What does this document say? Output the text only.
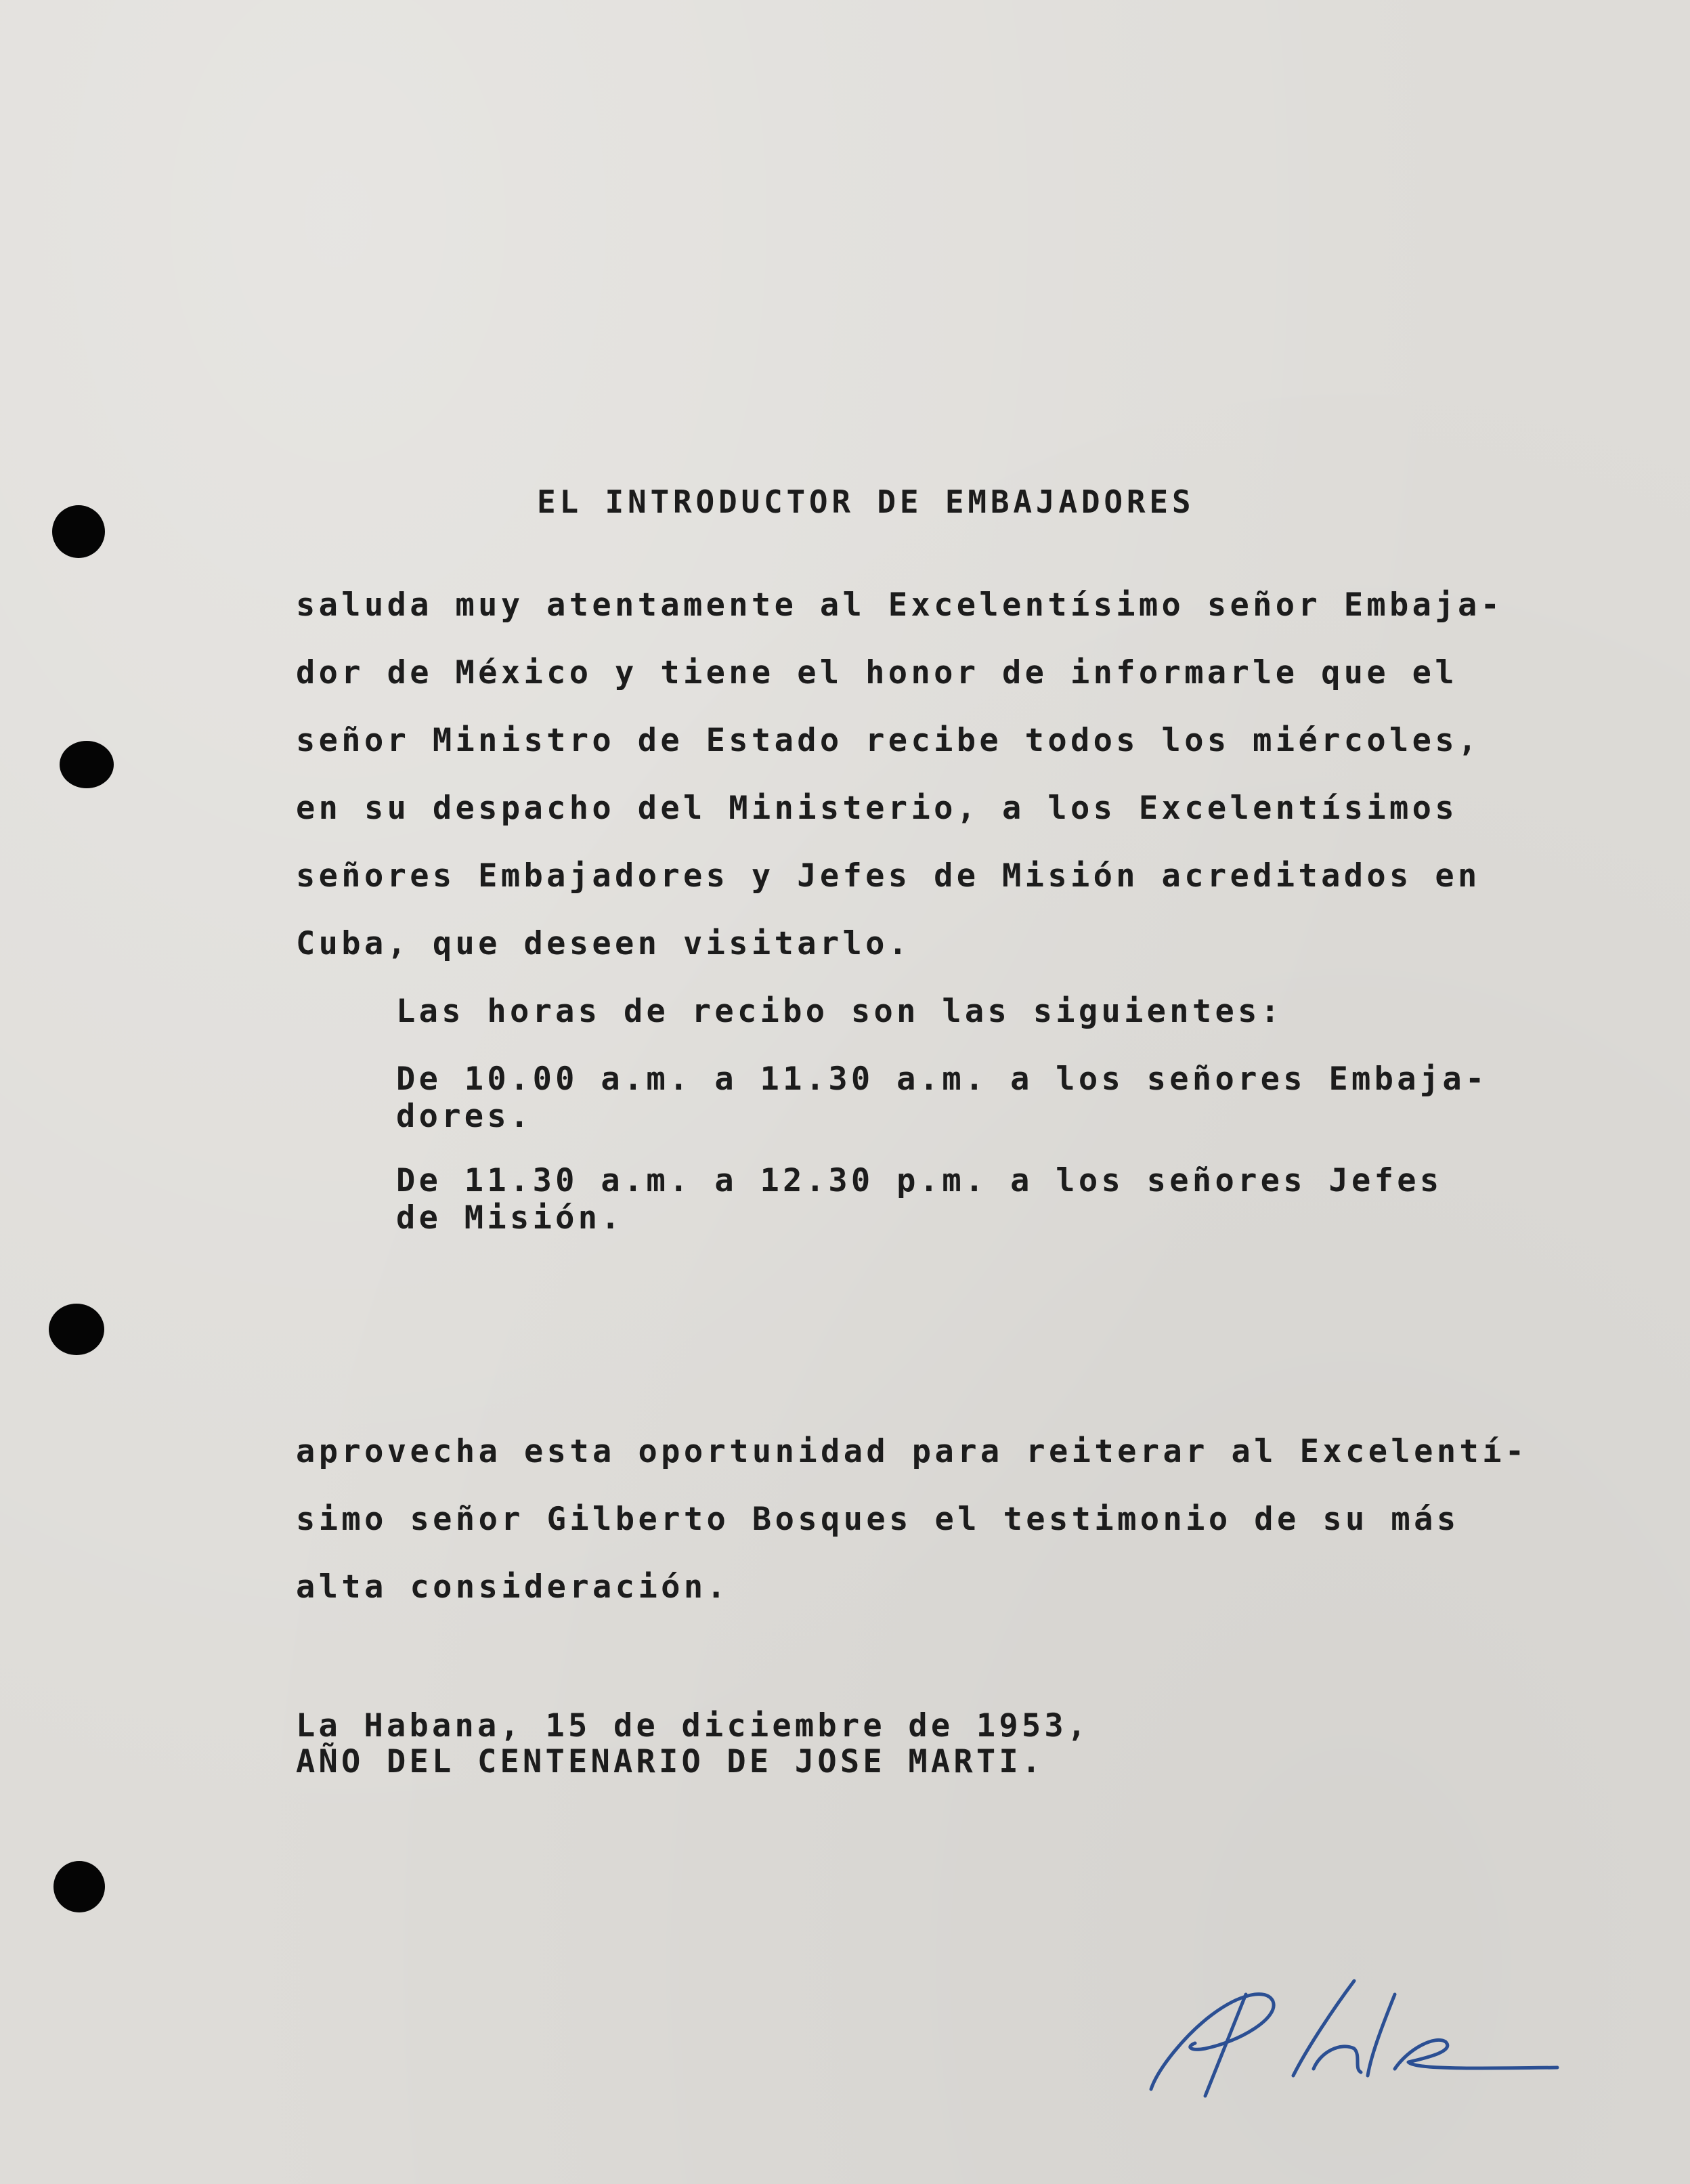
EL INTRODUCTOR DE EMBAJADORES
saluda muy atentamente al Excelentísimo señor Embaja-
dor de México y tiene el honor de informarle que el
señor Ministro de Estado recibe todos los miércoles,
en su despacho del Ministerio, a los Excelentísimos
señores Embajadores y Jefes de Misión acreditados en
Cuba, que deseen visitarlo.
Las horas de recibo son las siguientes:
De 10.00 a.m. a 11.30 a.m. a los señores Embaja-
dores.
De 11.30 a.m. a 12.30 p.m. a los señores Jefes
de Misión.
aprovecha esta oportunidad para reiterar al Excelentí-
simo señor Gilberto Bosques el testimonio de su más
alta consideración.
La Habana, 15 de diciembre de 1953,
AÑO DEL CENTENARIO DE JOSE MARTI.
